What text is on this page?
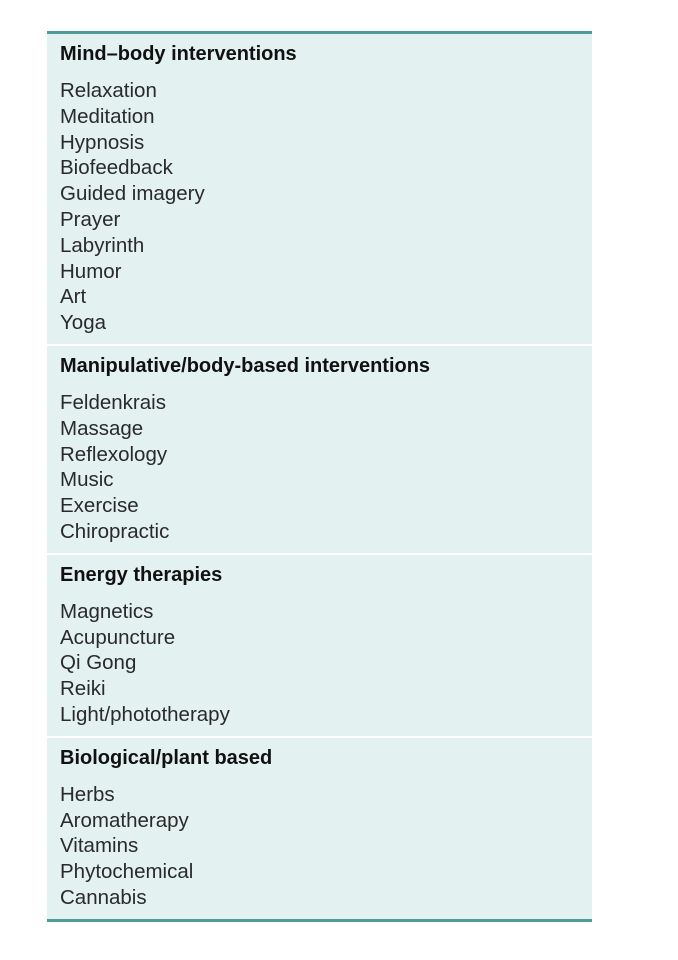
Mind–body interventions
Relaxation
Meditation
Hypnosis
Biofeedback
Guided imagery
Prayer
Labyrinth
Humor
Art
Yoga
Manipulative/body-based interventions
Feldenkrais
Massage
Reflexology
Music
Exercise
Chiropractic
Energy therapies
Magnetics
Acupuncture
Qi Gong
Reiki
Light/phototherapy
Biological/plant based
Herbs
Aromatherapy
Vitamins
Phytochemical
Cannabis
